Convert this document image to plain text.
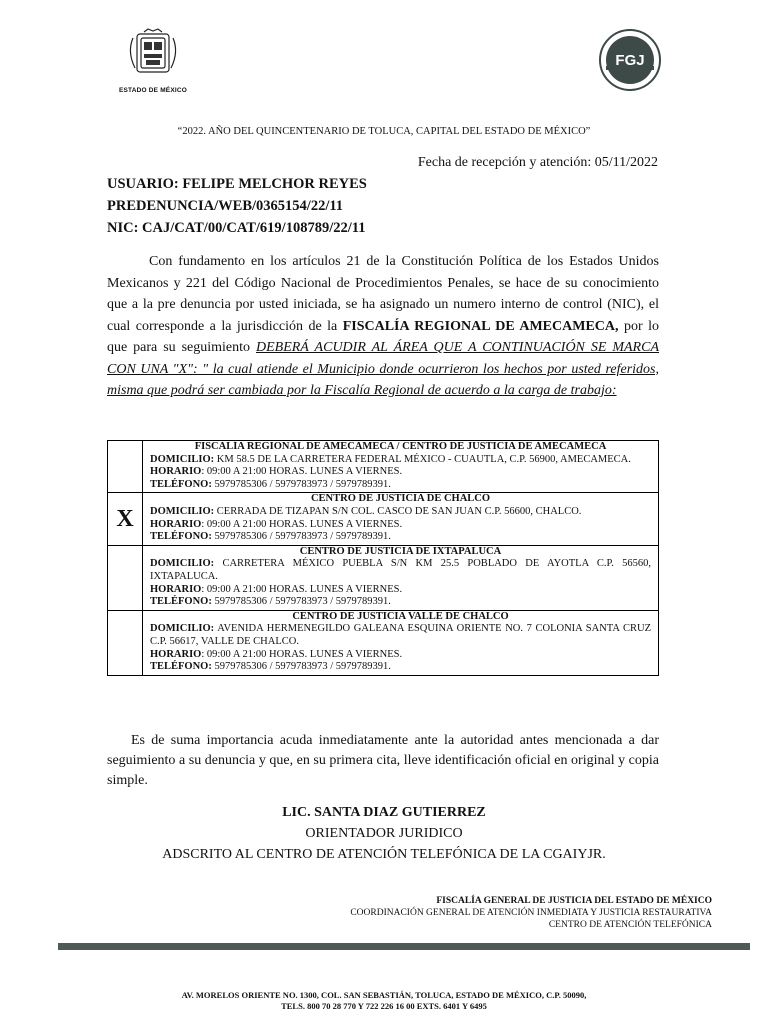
ESTADO DE MÉXICO
FGJ
“2022. AÑO DEL QUINCENTENARIO DE TOLUCA, CAPITAL DEL ESTADO DE MÉXICO”
Fecha de recepción y atención: 05/11/2022
USUARIO: FELIPE MELCHOR REYES
PREDENUNCIA/WEB/0365154/22/11
NIC: CAJ/CAT/00/CAT/619/108789/22/11
Con fundamento en los artículos 21 de la Constitución Política de los Estados Unidos Mexicanos y 221 del Código Nacional de Procedimientos Penales, se hace de su conocimiento que a la pre denuncia por usted iniciada, se ha asignado un numero interno de control (NIC), el cual corresponde a la jurisdicción de la FISCALÍA REGIONAL DE AMECAMECA, por lo que para su seguimiento DEBERÁ ACUDIR AL ÁREA QUE A CONTINUACIÓN SE MARCA CON UNA "X": " la cual atiende el Municipio donde ocurrieron los hechos por usted referidos, misma que podrá ser cambiada por la Fiscalía Regional de acuerdo a la carga de trabajo:

	FISCALÍA REGIONAL DE AMECAMECA / CENTRO DE JUSTICIA DE AMECAMECA
DOMICILIO: KM 58.5 DE LA CARRETERA FEDERAL MÉXICO - CUAUTLA, C.P. 56900, AMECAMECA.
HORARIO: 09:00 A 21:00 HORAS. LUNES A VIERNES.
TELÉFONO: 5979785306 / 5979783973 / 5979789391.

X	CENTRO DE JUSTICIA DE CHALCO
DOMICILIO: CERRADA DE TIZAPAN S/N COL. CASCO DE SAN JUAN C.P. 56600, CHALCO.
HORARIO: 09:00 A 21:00 HORAS. LUNES A VIERNES.
TELÉFONO: 5979785306 / 5979783973 / 5979789391.

	CENTRO DE JUSTICIA DE IXTAPALUCA
DOMICILIO: CARRETERA MÉXICO PUEBLA S/N KM 25.5 POBLADO DE AYOTLA C.P. 56560, IXTAPALUCA.
HORARIO: 09:00 A 21:00 HORAS. LUNES A VIERNES.
TELÉFONO: 5979785306 / 5979783973 / 5979789391.

	CENTRO DE JUSTICIA VALLE DE CHALCO
DOMICILIO: AVENIDA HERMENEGILDO GALEANA ESQUINA ORIENTE NO. 7 COLONIA SANTA CRUZ C.P. 56617, VALLE DE CHALCO.
HORARIO: 09:00 A 21:00 HORAS. LUNES A VIERNES.
TELÉFONO: 5979785306 / 5979783973 / 5979789391.
Es de suma importancia acuda inmediatamente ante la autoridad antes mencionada a dar seguimiento a su denuncia y que, en su primera cita, lleve identificación oficial en original y copia simple.
LIC. SANTA DIAZ GUTIERREZ
ORIENTADOR JURIDICO
ADSCRITO AL CENTRO DE ATENCIÓN TELEFÓNICA DE LA CGAIYJR.
FISCALÍA GENERAL DE JUSTICIA DEL ESTADO DE MÉXICO
COORDINACIÓN GENERAL DE ATENCIÓN INMEDIATA Y JUSTICIA RESTAURATIVA
CENTRO DE ATENCIÓN TELEFÓNICA
AV. MORELOS ORIENTE NO. 1300, COL. SAN SEBASTIÁN, TOLUCA, ESTADO DE MÉXICO, C.P. 50090,
TELS. 800 70 28 770 Y 722 226 16 00 EXTS. 6401 Y 6495
